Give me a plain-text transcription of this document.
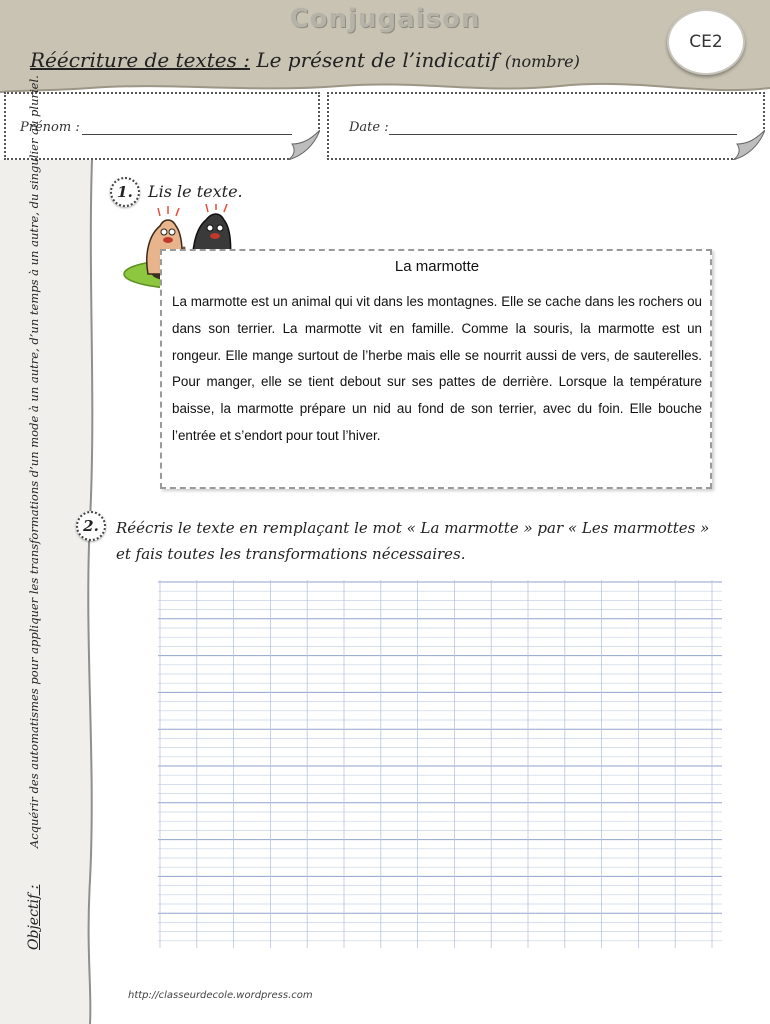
Conjugaison
Réécriture de textes : Le présent de l’indicatif (nombre)
CE2
Prénom :	Date :
Objectif :          Acquérir des automatismes pour appliquer les transformations d’un mode à un autre, d’un temps à un autre, du singulier au pluriel.	1. Lis le texte.
La marmotte
La marmotte est un animal qui vit dans les montagnes. Elle se cache dans les rochers ou dans son terrier. La marmotte vit en famille. Comme la souris, la marmotte est un rongeur. Elle mange surtout de l’herbe mais elle se nourrit aussi de vers, de sauterelles. Pour manger, elle se tient debout sur ses pattes de derrière. Lorsque la température baisse, la marmotte prépare un nid au fond de son terrier, avec du foin. Elle bouche l’entrée et s’endort pour tout l’hiver.
2.	Réécris le texte en remplaçant le mot « La marmotte » par « Les marmottes » et fais toutes les transformations nécessaires.
http://classeurdecole.wordpress.com
